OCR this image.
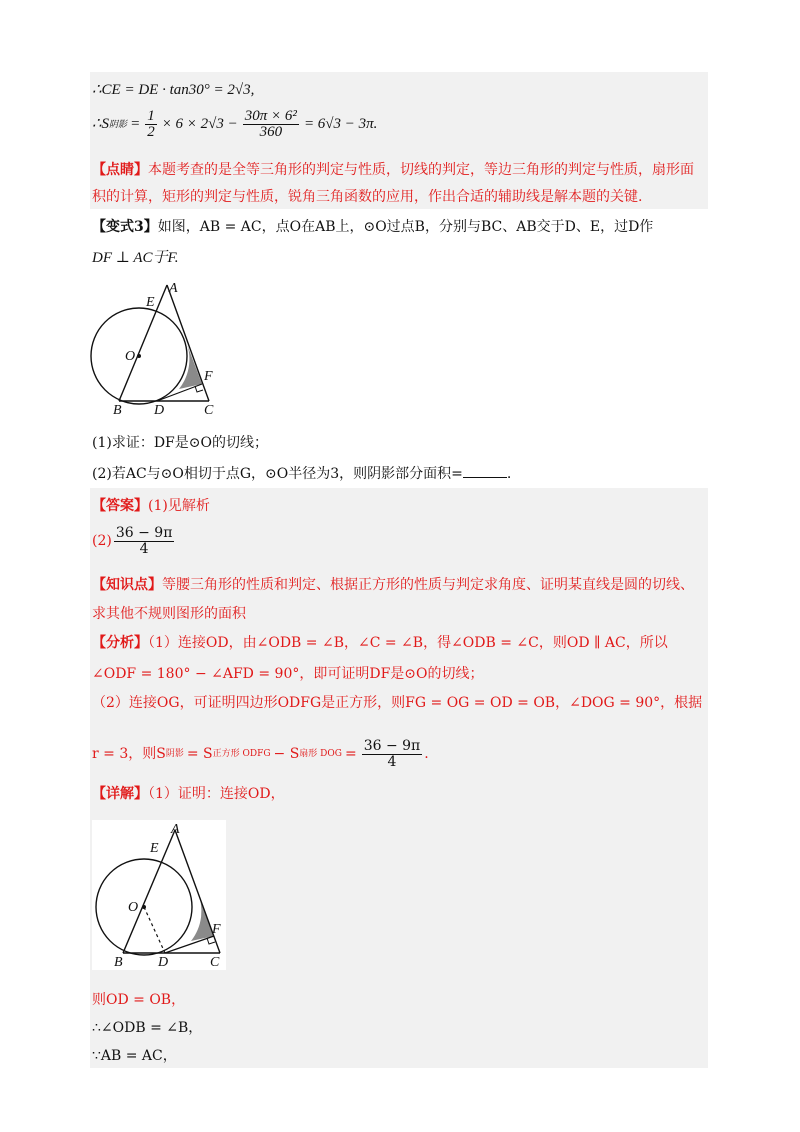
∴CE = DE · tan30° = 2√3,
∴S 阴影 = $\frac{1}{2} \times 6 \times 2√3 - \frac{\text{30π × 6²}}{360} = 6√3 - 3\pi$.
【点睛】本题考查的是全等三角形的判定与性质，切线的判定，等边三角形的判定与性质，扇形面
积的计算，矩形的判定与性质，锐角三角函数的应用，作出合适的辅助线是解本题的关键.
【变式3】如图，AB = AC，点O在AB上，⊙O过点B，分别与BC、AB交于D、E，过D作
DF ⊥ AC于F.
A
E
O
F
B D	C
(1)求证：DF是⊙O的切线；
(2)若AC与⊙O相切于点G，⊙O半径为3，则阴影部分面积=	.
【答案】(1)见解析
$(2) \frac{36 - 9\pi}{4}$
【知识点】等腰三角形的性质和判定、根据正方形的性质与判定求角度、证明某直线是圆的切线、
求其他不规则图形的面积
【分析】（1）连接OD，由∠ODB = ∠B，∠C = ∠B，得∠ODB = ∠C，则OD ∥ AC，所以
∠ODF = 180° − ∠AFD = 90°，即可证明DF是⊙O的切线；
（2）连接OG，可证明四边形ODFG是正方形，则FG = OG = OD = OB，∠DOG = 90°，根据
r = 3，则S 阴影 = S 正方形 ODFG − S 扇形 DOG = $\frac{36 - 9\pi}{4}$ .
【详解】（1）证明：连接OD，
A
E
O
F
B	D	C
则OD = OB，
∴∠ODB = ∠B，
∵AB = AC，
